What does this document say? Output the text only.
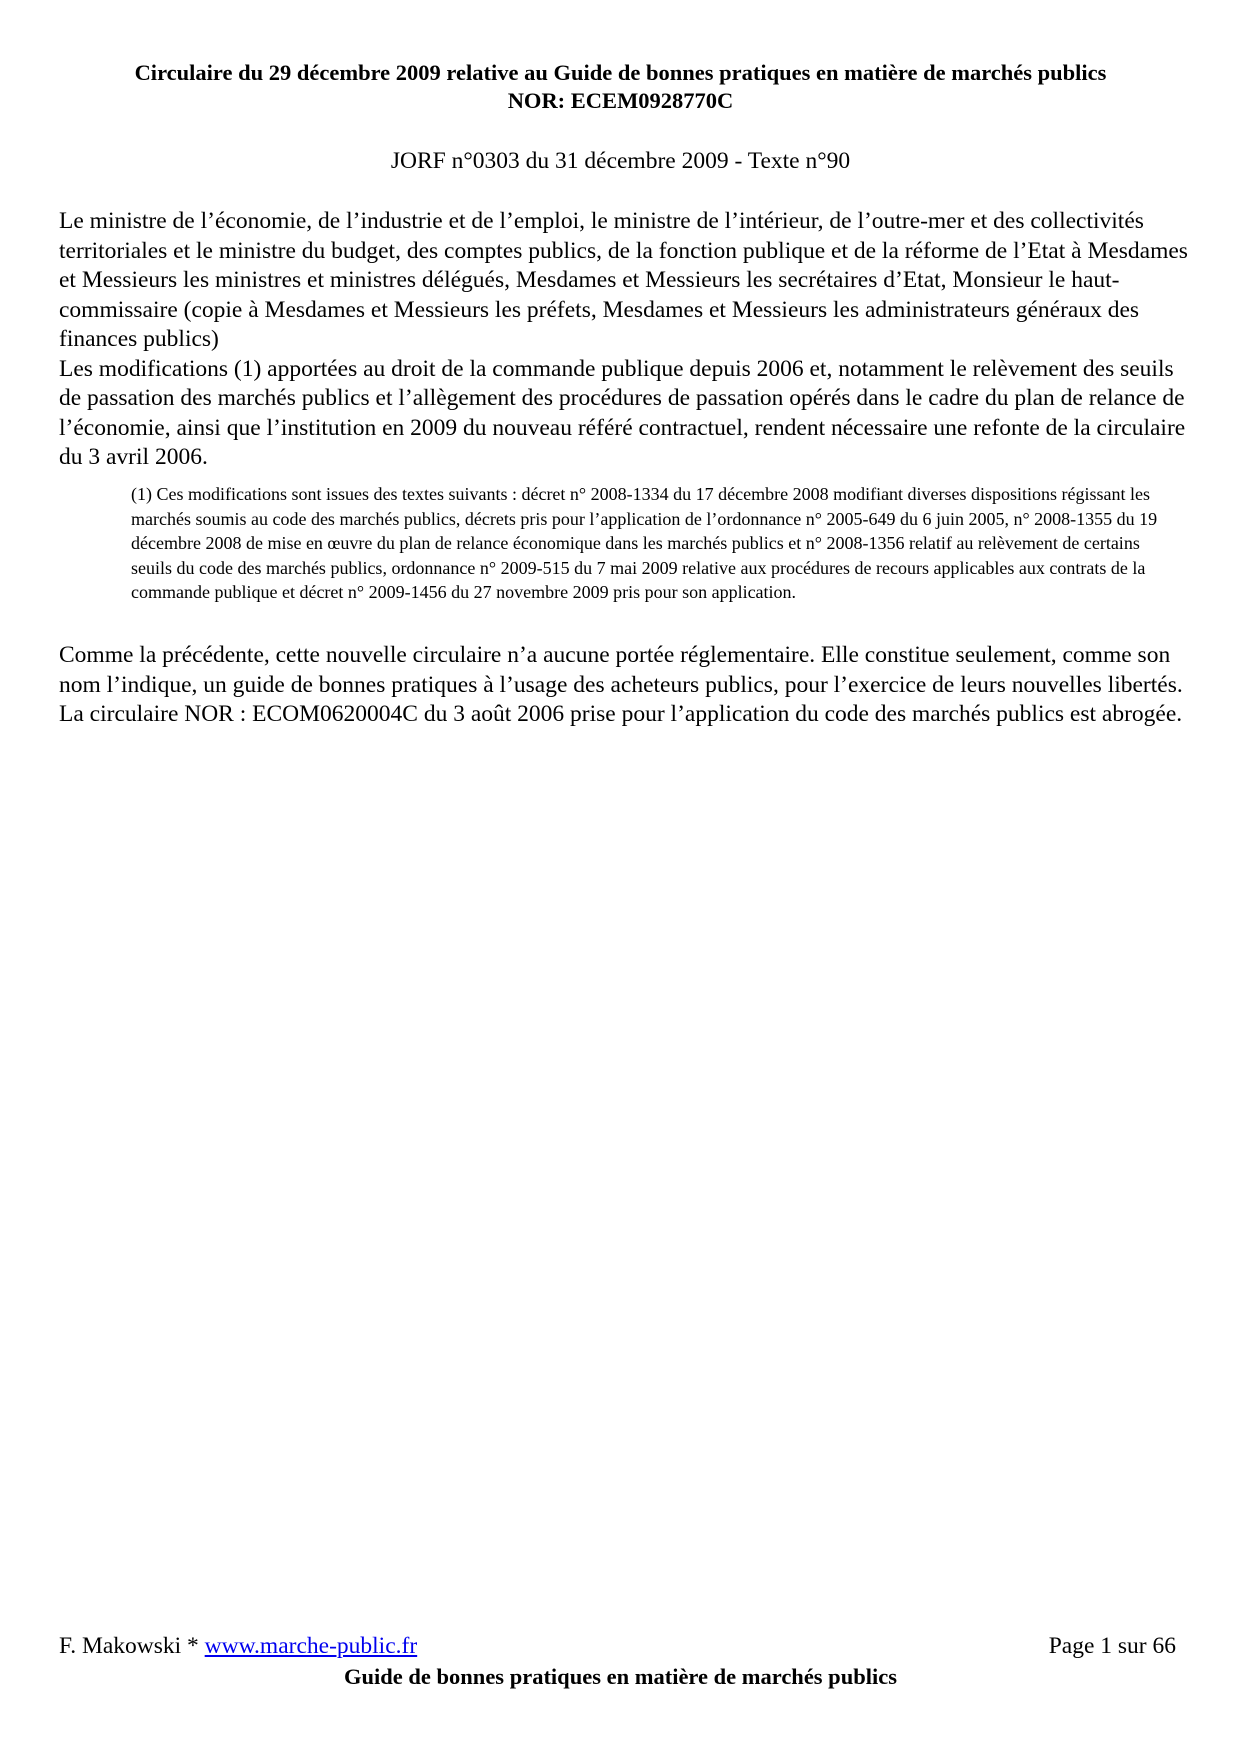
Circulaire du 29 décembre 2009 relative au Guide de bonnes pratiques en matière de marchés publics
NOR: ECEM0928770C
JORF n°0303 du 31 décembre 2009 - Texte n°90

Le ministre de l’économie, de l’industrie et de l’emploi, le ministre de l’intérieur, de l’outre-mer et des collectivités territoriales et le ministre du budget, des comptes publics, de la fonction publique et de la réforme de l’Etat à Mesdames et Messieurs les ministres et ministres délégués, Mesdames et Messieurs les secrétaires d’Etat, Monsieur le haut-commissaire (copie à Mesdames et Messieurs les préfets, Mesdames et Messieurs les administrateurs généraux des finances publics)

Les modifications (1) apportées au droit de la commande publique depuis 2006 et, notamment le relèvement des seuils de passation des marchés publics et l’allègement des procédures de passation opérés dans le cadre du plan de relance de l’économie, ainsi que l’institution en 2009 du nouveau référé contractuel, rendent nécessaire une refonte de la circulaire du 3 avril 2006.

(1) Ces modifications sont issues des textes suivants : décret n° 2008-1334 du 17 décembre 2008 modifiant diverses dispositions régissant les marchés soumis au code des marchés publics, décrets pris pour l’application de l’ordonnance n° 2005-649 du 6 juin 2005, n° 2008-1355 du 19 décembre 2008 de mise en œuvre du plan de relance économique dans les marchés publics et n° 2008-1356 relatif au relèvement de certains seuils du code des marchés publics, ordonnance n° 2009-515 du 7 mai 2009 relative aux procédures de recours applicables aux contrats de la commande publique et décret n° 2009-1456 du 27 novembre 2009 pris pour son application.

Comme la précédente, cette nouvelle circulaire n’a aucune portée réglementaire. Elle constitue seulement, comme son nom l’indique, un guide de bonnes pratiques à l’usage des acheteurs publics, pour l’exercice de leurs nouvelles libertés.

La circulaire NOR : ECOM0620004C du 3 août 2006 prise pour l’application du code des marchés publics est abrogée.

F. Makowski * www.marche-public.fr	Page 1 sur 66
Guide de bonnes pratiques en matière de marchés publics
